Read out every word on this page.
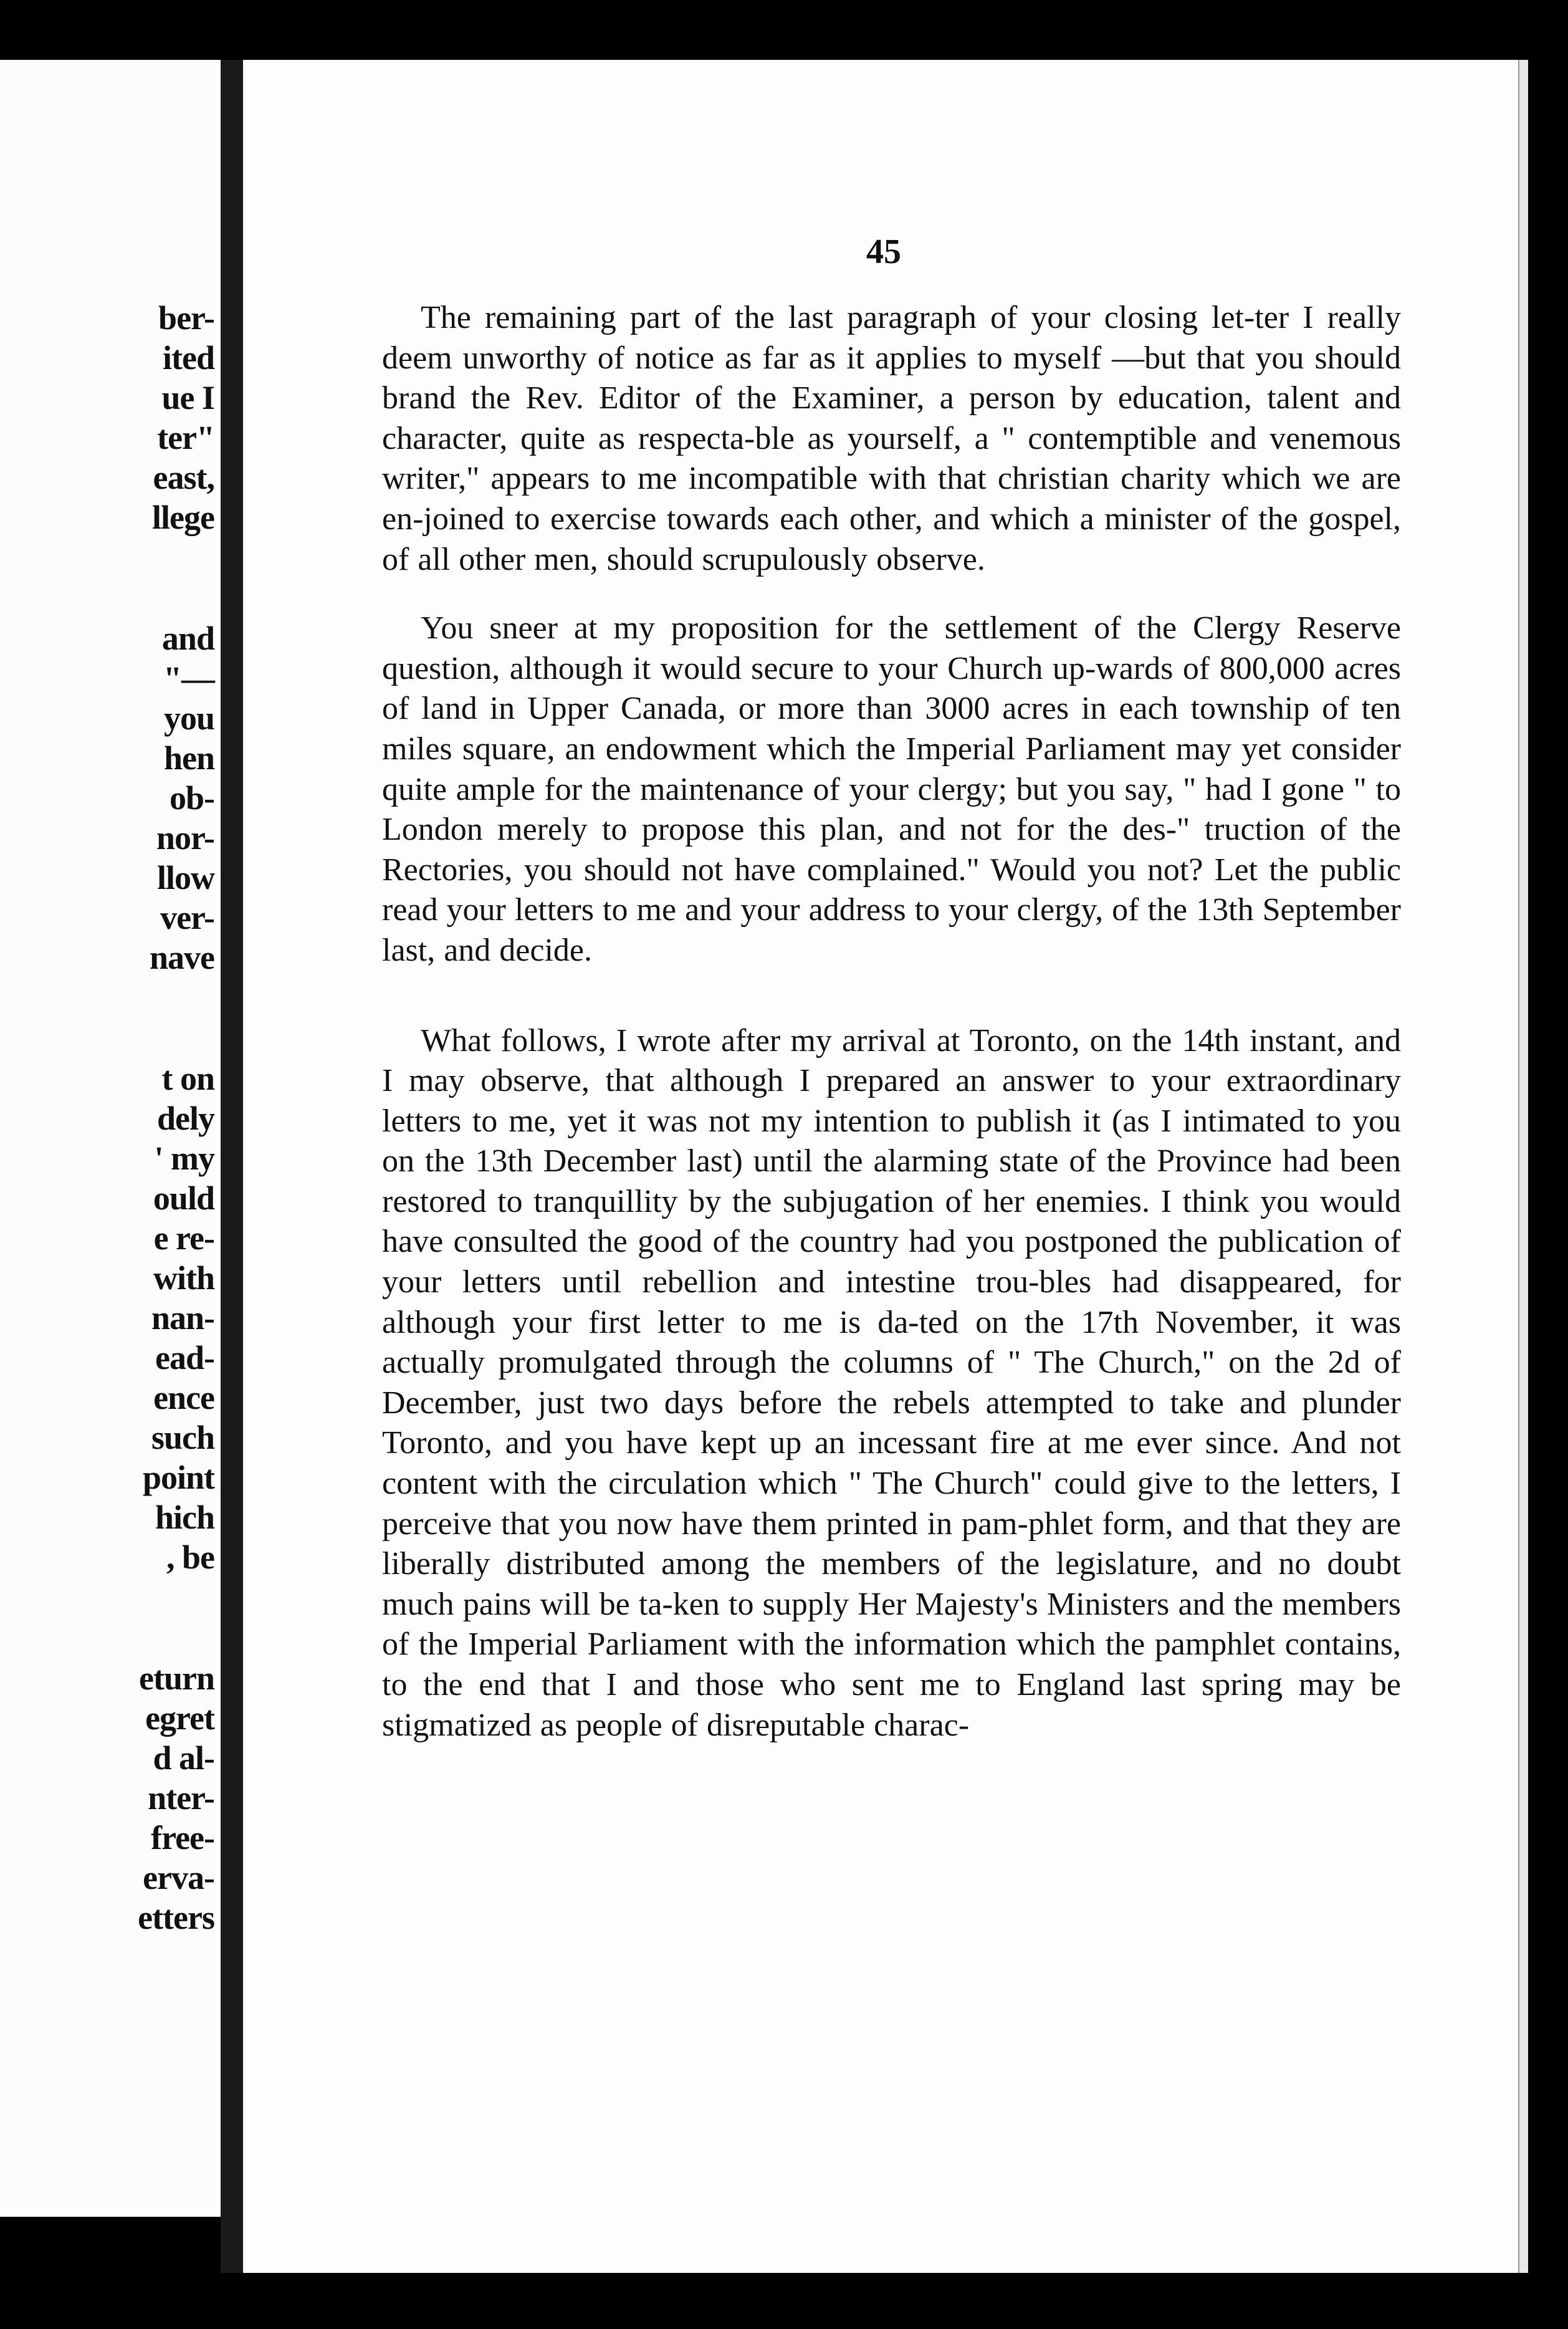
ber-
ited
ue I
ter"
east,
llege
and
"—
you
hen
ob-
nor-
llow
ver-
nave
t on
dely
' my
ould
e re-
with
nan-
ead-
ence
such
point
hich
, be
eturn
egret
d al-
nter-
free-
erva-
etters
45

The remaining part of the last paragraph of your closing let-ter I really deem unworthy of notice as far as it applies to myself —but that you should brand the Rev. Editor of the Examiner, a person by education, talent and character, quite as respecta-ble as yourself, a " contemptible and venemous writer," appears to me incompatible with that christian charity which we are en-joined to exercise towards each other, and which a minister of the gospel, of all other men, should scrupulously observe.

You sneer at my proposition for the settlement of the Clergy Reserve question, although it would secure to your Church up-wards of 800,000 acres of land in Upper Canada, or more than 3000 acres in each township of ten miles square, an endowment which the Imperial Parliament may yet consider quite ample for the maintenance of your clergy; but you say, " had I gone " to London merely to propose this plan, and not for the des-" truction of the Rectories, you should not have complained." Would you not? Let the public read your letters to me and your address to your clergy, of the 13th September last, and decide.

What follows, I wrote after my arrival at Toronto, on the 14th instant, and I may observe, that although I prepared an answer to your extraordinary letters to me, yet it was not my intention to publish it (as I intimated to you on the 13th December last) until the alarming state of the Province had been restored to tranquillity by the subjugation of her enemies. I think you would have consulted the good of the country had you postponed the publication of your letters until rebellion and intestine trou-bles had disappeared, for although your first letter to me is da-ted on the 17th November, it was actually promulgated through the columns of " The Church," on the 2d of December, just two days before the rebels attempted to take and plunder Toronto, and you have kept up an incessant fire at me ever since. And not content with the circulation which " The Church" could give to the letters, I perceive that you now have them printed in pam-phlet form, and that they are liberally distributed among the members of the legislature, and no doubt much pains will be ta-ken to supply Her Majesty's Ministers and the members of the Imperial Parliament with the information which the pamphlet contains, to the end that I and those who sent me to England last spring may be stigmatized as people of disreputable charac-
